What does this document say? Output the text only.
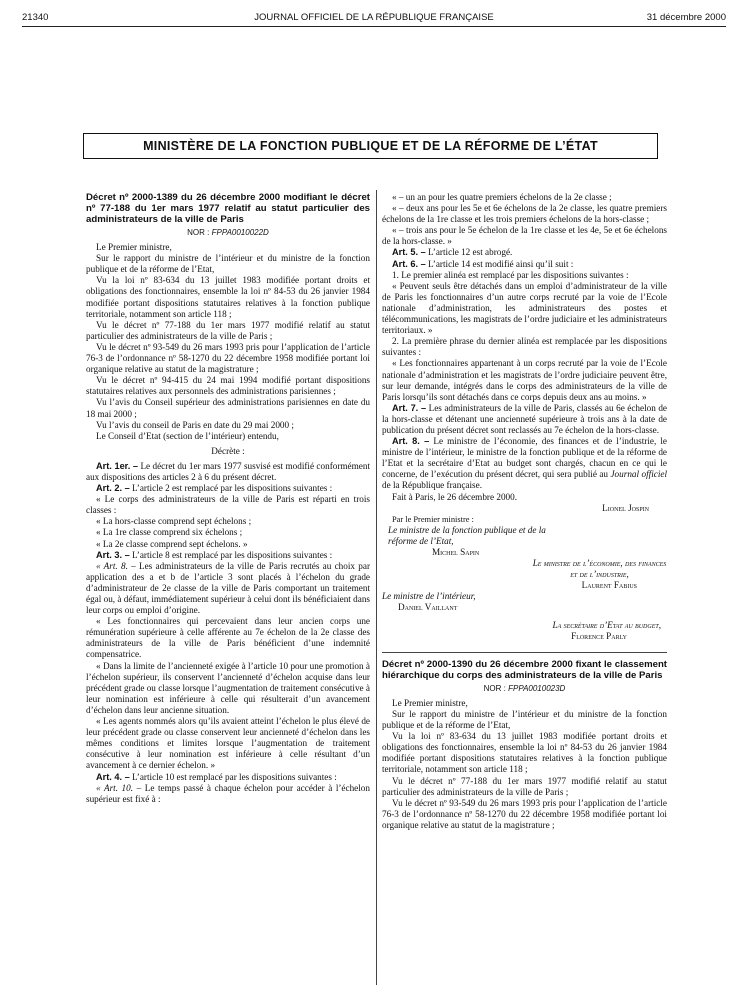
21340	JOURNAL OFFICIEL DE LA RÉPUBLIQUE FRANÇAISE	31 décembre 2000
MINISTÈRE DE LA FONCTION PUBLIQUE ET DE LA RÉFORME DE L’ÉTAT

Décret nº 2000-1389 du 26 décembre 2000 modifiant le décret nº 77-188 du 1er mars 1977 relatif au statut particulier des administrateurs de la ville de Paris

NOR : FPPA0010022D

Le Premier ministre,

Sur le rapport du ministre de l’intérieur et du ministre de la fonction publique et de la réforme de l’Etat,

Vu la loi nº 83-634 du 13 juillet 1983 modifiée portant droits et obligations des fonctionnaires, ensemble la loi nº 84-53 du 26 janvier 1984 modifiée portant dispositions statutaires relatives à la fonction publique territoriale, notamment son article 118 ;

Vu le décret nº 77-188 du 1er mars 1977 modifié relatif au statut particulier des administrateurs de la ville de Paris ;

Vu le décret nº 93-549 du 26 mars 1993 pris pour l’application de l’article 76-3 de l’ordonnance nº 58-1270 du 22 décembre 1958 modifiée portant loi organique relative au statut de la magistrature ;

Vu le décret nº 94-415 du 24 mai 1994 modifié portant dispositions statutaires relatives aux personnels des administrations parisiennes ;

Vu l’avis du Conseil supérieur des administrations parisiennes en date du 18 mai 2000 ;

Vu l’avis du conseil de Paris en date du 29 mai 2000 ;

Le Conseil d’Etat (section de l’intérieur) entendu,

Décrète :

Art. 1er. – Le décret du 1er mars 1977 susvisé est modifié conformément aux dispositions des articles 2 à 6 du présent décret.

Art. 2. – L’article 2 est remplacé par les dispositions suivantes :

« Le corps des administrateurs de la ville de Paris est réparti en trois classes :

« La hors-classe comprend sept échelons ;

« La 1re classe comprend six échelons ;

« La 2e classe comprend sept échelons. »

Art. 3. – L’article 8 est remplacé par les dispositions suivantes :

« Art. 8. – Les administrateurs de la ville de Paris recrutés au choix par application des a et b de l’article 3 sont placés à l’échelon du grade d’administrateur de 2e classe de la ville de Paris comportant un traitement égal ou, à défaut, immédiatement supérieur à celui dont ils bénéficiaient dans leur corps ou emploi d’origine.

« Les fonctionnaires qui percevaient dans leur ancien corps une rémunération supérieure à celle afférente au 7e échelon de la 2e classe des administrateurs de la ville de Paris bénéficient d’une indemnité compensatrice.

« Dans la limite de l’ancienneté exigée à l’article 10 pour une promotion à l’échelon supérieur, ils conservent l’ancienneté d’échelon acquise dans leur précédent grade ou classe lorsque l’augmentation de traitement consécutive à leur nomination est inférieure à celle qui résulterait d’un avancement d’échelon dans leur ancienne situation.

« Les agents nommés alors qu’ils avaient atteint l’échelon le plus élevé de leur précédent grade ou classe conservent leur ancienneté d’échelon dans les mêmes conditions et limites lorsque l’augmentation de traitement consécutive à leur nomination est inférieure à celle résultant d’un avancement à ce dernier échelon. »

Art. 4. – L’article 10 est remplacé par les dispositions suivantes :

« Art. 10. – Le temps passé à chaque échelon pour accéder à l’échelon supérieur est fixé à :

« – un an pour les quatre premiers échelons de la 2e classe ;

« – deux ans pour les 5e et 6e échelons de la 2e classe, les quatre premiers échelons de la 1re classe et les trois premiers échelons de la hors-classe ;

« – trois ans pour le 5e échelon de la 1re classe et les 4e, 5e et 6e échelons de la hors-classe. »

Art. 5. – L’article 12 est abrogé.

Art. 6. – L’article 14 est modifié ainsi qu’il suit :

1. Le premier alinéa est remplacé par les dispositions suivantes :

« Peuvent seuls être détachés dans un emploi d’administrateur de la ville de Paris les fonctionnaires d’un autre corps recruté par la voie de l’Ecole nationale d’administration, les administrateurs des postes et télécommunications, les magistrats de l’ordre judiciaire et les administrateurs territoriaux. »

2. La première phrase du dernier alinéa est remplacée par les dispositions suivantes :

« Les fonctionnaires appartenant à un corps recruté par la voie de l’Ecole nationale d’administration et les magistrats de l’ordre judiciaire peuvent être, sur leur demande, intégrés dans le corps des administrateurs de la ville de Paris lorsqu’ils sont détachés dans ce corps depuis deux ans au moins. »

Art. 7. – Les administrateurs de la ville de Paris, classés au 6e échelon de la hors-classe et détenant une ancienneté supérieure à trois ans à la date de publication du présent décret sont reclassés au 7e échelon de la hors-classe.

Art. 8. – Le ministre de l’économie, des finances et de l’industrie, le ministre de l’intérieur, le ministre de la fonction publique et de la réforme de l’Etat et la secrétaire d’Etat au budget sont chargés, chacun en ce qui le concerne, de l’exécution du présent décret, qui sera publié au Journal officiel de la République française.

Fait à Paris, le 26 décembre 2000.

Lionel Jospin

Par le Premier ministre :

Le ministre de la fonction publique et de la réforme de l’Etat,

Michel Sapin

Le ministre de l’économie, des finances et de l’industrie,

Laurent Fabius

Le ministre de l’intérieur,

Daniel Vaillant

La secrétaire d’Etat au budget,

Florence Parly

Décret nº 2000-1390 du 26 décembre 2000 fixant le classement hiérarchique du corps des administrateurs de la ville de Paris

NOR : FPPA0010023D

Le Premier ministre,

Sur le rapport du ministre de l’intérieur et du ministre de la fonction publique et de la réforme de l’Etat,

Vu la loi nº 83-634 du 13 juillet 1983 modifiée portant droits et obligations des fonctionnaires, ensemble la loi nº 84-53 du 26 janvier 1984 modifiée portant dispositions statutaires relatives à la fonction publique territoriale, notamment son article 118 ;

Vu le décret nº 77-188 du 1er mars 1977 modifié relatif au statut particulier des administrateurs de la ville de Paris ;

Vu le décret nº 93-549 du 26 mars 1993 pris pour l’application de l’article 76-3 de l’ordonnance nº 58-1270 du 22 décembre 1958 modifiée portant loi organique relative au statut de la magistrature ;
